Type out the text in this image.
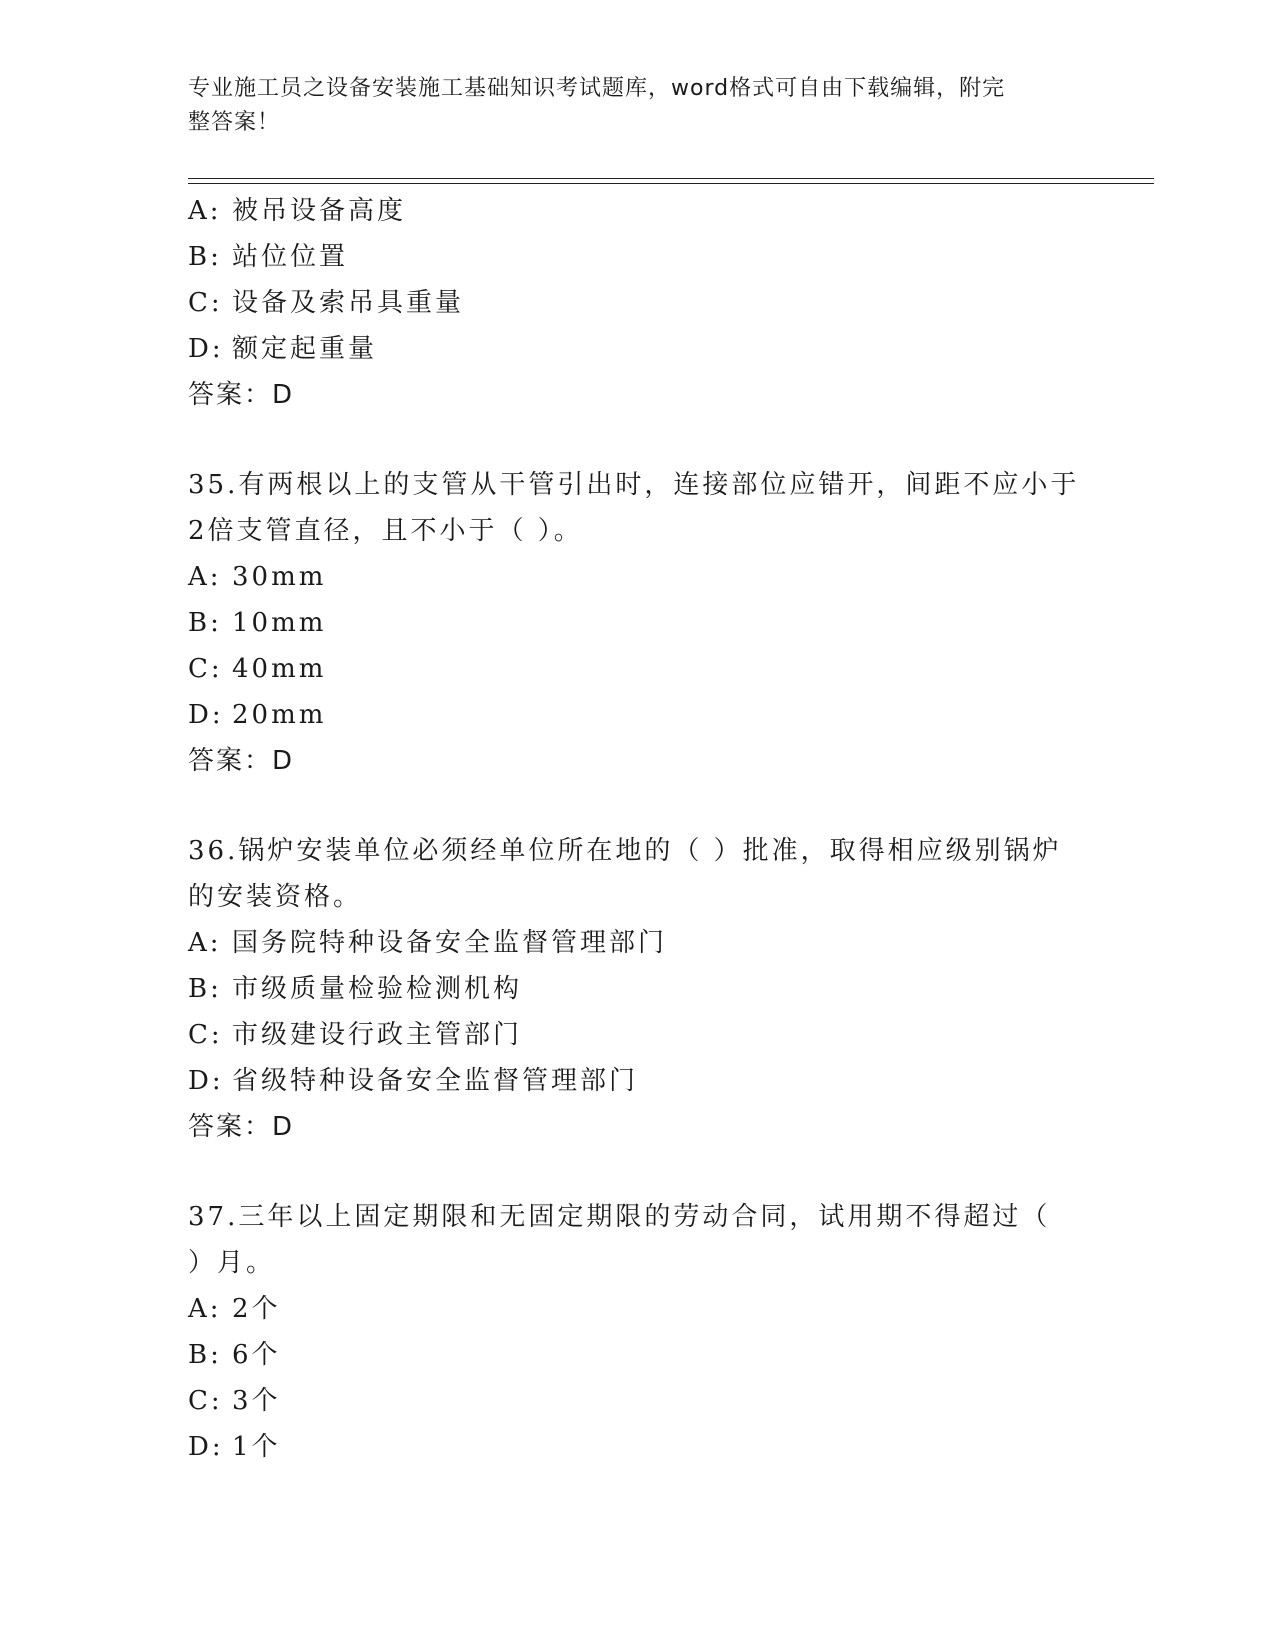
专业施工员之设备安装施工基础知识考试题库，word格式可自由下载编辑，附完
整答案！
A: 被吊设备高度
B: 站位位置
C: 设备及索吊具重量
D: 额定起重量
答案：D
35.有两根以上的支管从干管引出时，连接部位应错开，间距不应小于
2倍支管直径，且不小于（ ）。
A: 30mm
B: 10mm
C: 40mm
D: 20mm
答案：D
36.锅炉安装单位必须经单位所在地的（ ）批准，取得相应级别锅炉
的安装资格。
A: 国务院特种设备安全监督管理部门
B: 市级质量检验检测机构
C: 市级建设行政主管部门
D: 省级特种设备安全监督管理部门
答案：D
37.三年以上固定期限和无固定期限的劳动合同，试用期不得超过（
）月。
A: 2个
B: 6个
C: 3个
D: 1个
